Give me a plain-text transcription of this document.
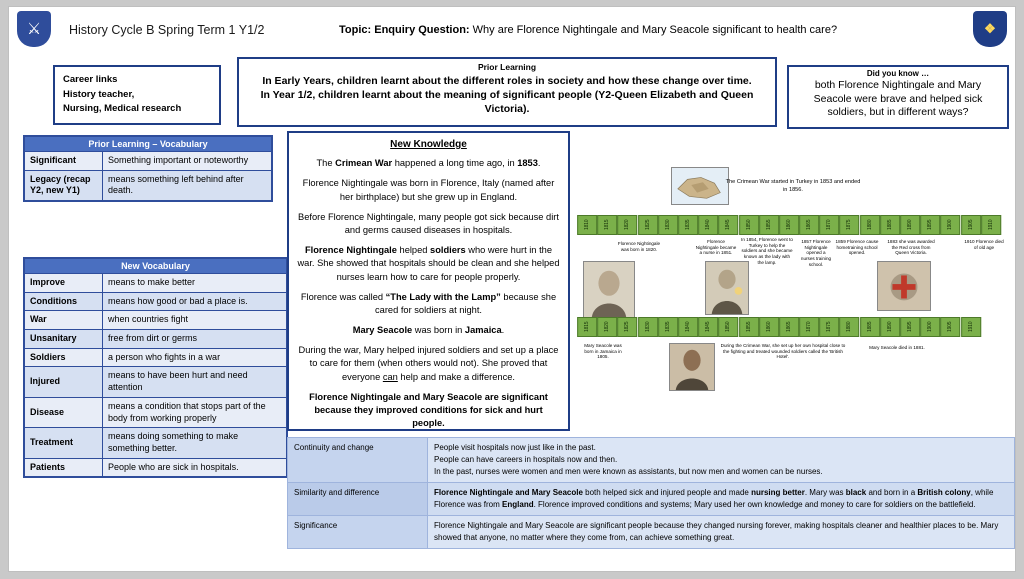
⚔	❖
History Cycle B Spring Term 1 Y1/2	Topic: Enquiry Question: Why are Florence Nightingale and Mary Seacole significant to health care?
Career links
History teacher,
Nursing, Medical research
Prior Learning
In Early Years, children learnt about the different roles in society and how these change over time.
In Year 1/2, children learnt about the meaning of significant people (Y2-Queen Elizabeth and Queen Victoria).
Did you know …
both Florence Nightingale and Mary Seacole were brave and helped sick soldiers, but in different ways?
Prior Learning – Vocabulary	
Significant	Something important or noteworthy
Legacy (recap Y2, new Y1)	means something left behind after death.
New Vocabulary	
Improve	means to make better
Conditions	means how good or bad a place is.
War	when countries fight
Unsanitary	free from dirt or germs
Soldiers	a person who fights in a war
Injured	means to have been hurt and need attention
Disease	means a condition that stops part of the body from working properly
Treatment	means doing something to make something better.
Patients	People who are sick in hospitals.
New Knowledge

The Crimean War happened a long time ago, in 1853.

Florence Nightingale was born in Florence, Italy (named after her birthplace) but she grew up in England.

Before Florence Nightingale, many people got sick because dirt and germs caused diseases in hospitals.

Florence Nightingale helped soldiers who were hurt in the war. She showed that hospitals should be clean and she helped nurses learn how to care for people properly.

Florence was called “The Lady with the Lamp” because she cared for soldiers at night.

Mary Seacole was born in Jamaica.

During the war, Mary helped injured soldiers and set up a place to care for them (when others would not). She proved that everyone can help and make a difference.

Florence Nightingale and Mary Seacole are significant because they improved conditions for sick and hurt people.

The Crimean War started in Turkey in 1853 and ended in 1856.
1810	1815	1820	1825	1830	1835	1840	1845	1850	1855	1860	1865	1870	1875	1880	1885	1890	1895	1900	1905	1910
Florence Nightingale was born in 1820.
Florence Nightingale became a nurse in 1851.
In 1854, Florence went to Turkey to help the soldiers and she became known as the lady with the lamp.
1857 Florence Nightingale opened a nurses training school.
1859 Florence cause hometraining school opened.
1883 she was awarded the Red cross from Queen Victoria.
1910 Florence died of old age
1815	1820	1825	1830	1835	1840	1845	1850	1855	1860	1865	1870	1875	1880	1885	1890	1895	1900	1905	1910
Mary Seacole was born in Jamaica in 1805.
During the Crimean War, she set up her own hospital close to the fighting and treated wounded soldiers called the 'British Hotel'.
Mary Seacole died in 1881.
Continuity and change	People visit hospitals now just like in the past.
People can have careers in hospitals now and then.
In the past, nurses were women and men were known as assistants, but now men and women can be nurses.

Similarity and difference	Florence Nightingale and Mary Seacole both helped sick and injured people and made nursing better. Mary was black and born in a British colony, while Florence was from England. Florence improved conditions and systems; Mary used her own knowledge and money to care for soldiers on the battlefield.
Significance	Florence Nightingale and Mary Seacole are significant people because they changed nursing forever, making hospitals cleaner and healthier places to be. Mary showed that anyone, no matter where they come from, can achieve something great.
